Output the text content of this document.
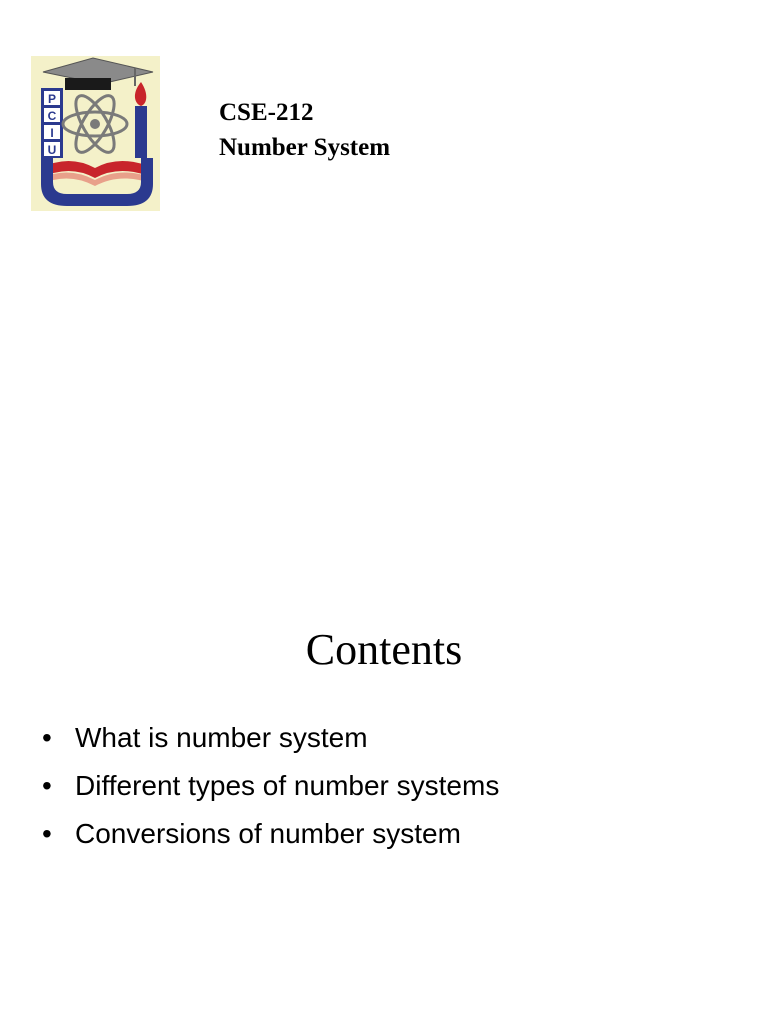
P
C
I
U
CSE-212
Number System
Contents
• What is number system
• Different types of number systems
• Conversions of number system
